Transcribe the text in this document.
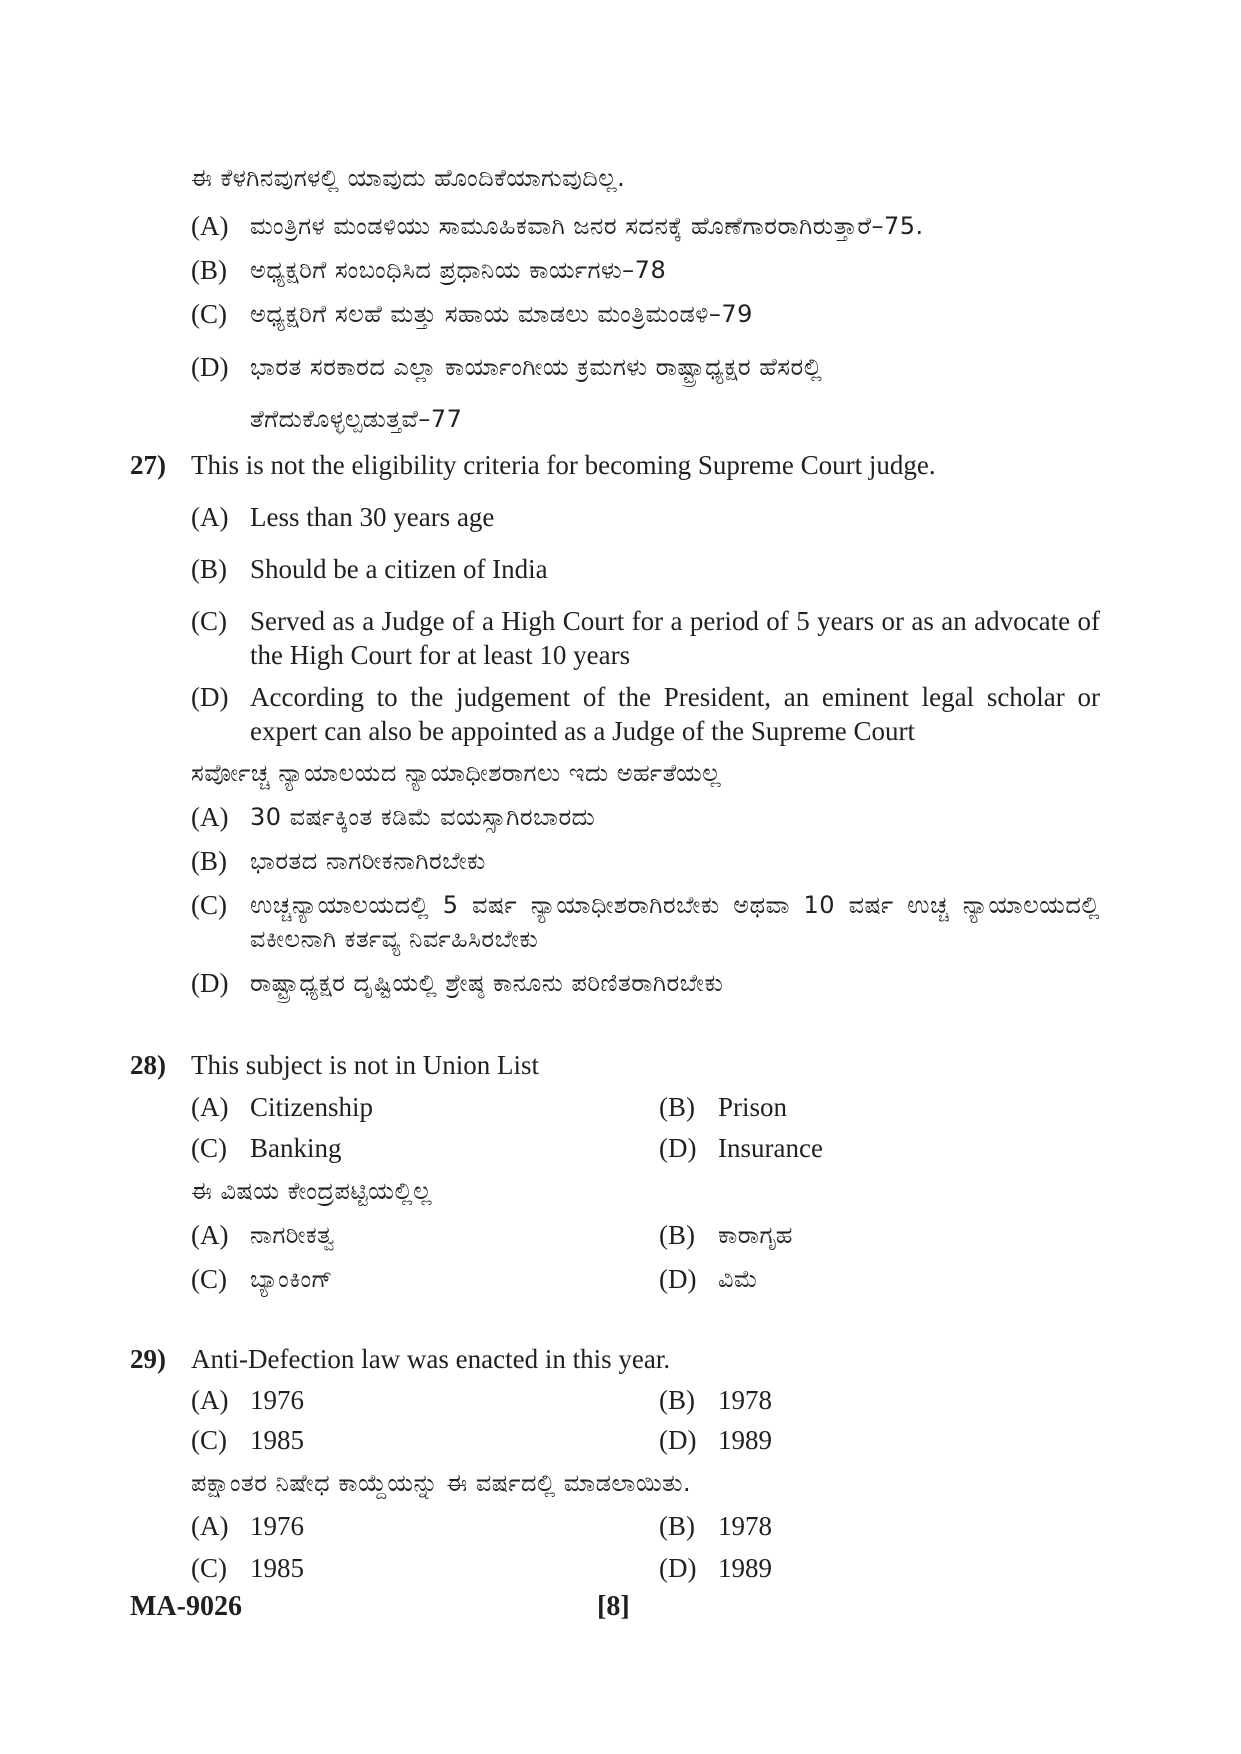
ಈ ಕೆಳಗಿನವುಗಳಲ್ಲಿ ಯಾವುದು ಹೊಂದಿಕೆಯಾಗುವುದಿಲ್ಲ.
(A) ಮಂತ್ರಿಗಳ ಮಂಡಳಿಯು ಸಾಮೂಹಿಕವಾಗಿ ಜನರ ಸದನಕ್ಕೆ ಹೊಣೆಗಾರರಾಗಿರುತ್ತಾರೆ–75.
(B) ಅಧ್ಯಕ್ಷರಿಗೆ ಸಂಬಂಧಿಸಿದ ಪ್ರಧಾನಿಯ ಕಾರ್ಯಗಳು–78
(C) ಅಧ್ಯಕ್ಷರಿಗೆ ಸಲಹೆ ಮತ್ತು ಸಹಾಯ ಮಾಡಲು ಮಂತ್ರಿಮಂಡಳಿ–79
(D) ಭಾರತ ಸರಕಾರದ ಎಲ್ಲಾ ಕಾರ್ಯಾಂಗೀಯ ಕ್ರಮಗಳು ರಾಷ್ಟ್ರಾಧ್ಯಕ್ಷರ ಹೆಸರಲ್ಲಿ
ತೆಗೆದುಕೊಳ್ಳಲ್ಪಡುತ್ತವೆ–77
27) This is not the eligibility criteria for becoming Supreme Court judge.
(A) Less than 30 years age
(B) Should be a citizen of India
(C) Served as a Judge of a High Court for a period of 5 years or as an advocate of the High Court for at least 10 years
(D) According to the judgement of the President, an eminent legal scholar or expert can also be appointed as a Judge of the Supreme Court
ಸರ್ವೋಚ್ಚ ನ್ಯಾಯಾಲಯದ ನ್ಯಾಯಾಧೀಶರಾಗಲು ಇದು ಅರ್ಹತೆಯಲ್ಲ
(A) 30 ವರ್ಷಕ್ಕಿಂತ ಕಡಿಮೆ ವಯಸ್ಸಾಗಿರಬಾರದು
(B) ಭಾರತದ ನಾಗರೀಕನಾಗಿರಬೇಕು
(C) ಉಚ್ಚನ್ಯಾಯಾಲಯದಲ್ಲಿ 5 ವರ್ಷ ನ್ಯಾಯಾಧೀಶರಾಗಿರಬೇಕು ಅಥವಾ 10 ವರ್ಷ ಉಚ್ಚ ನ್ಯಾಯಾಲಯದಲ್ಲಿ ವಕೀಲನಾಗಿ ಕರ್ತವ್ಯ ನಿರ್ವಹಿಸಿರಬೇಕು
(D) ರಾಷ್ಟ್ರಾಧ್ಯಕ್ಷರ ದೃಷ್ಟಿಯಲ್ಲಿ ಶ್ರೇಷ್ಠ ಕಾನೂನು ಪರಿಣಿತರಾಗಿರಬೇಕು
28) This subject is not in Union List
(A) Citizenship	(B) Prison
(C) Banking	(D) Insurance
ಈ ವಿಷಯ ಕೇಂದ್ರಪಟ್ಟಿಯಲ್ಲಿಲ್ಲ
(A) ನಾಗರೀಕತ್ವ	(B) ಕಾರಾಗೃಹ
(C) ಬ್ಯಾಂಕಿಂಗ್	(D) ವಿಮೆ
29) Anti-Defection law was enacted in this year.
(A) 1976	(B) 1978
(C) 1985	(D) 1989
ಪಕ್ಷಾಂತರ ನಿಷೇಧ ಕಾಯ್ದೆಯನ್ನು ಈ ವರ್ಷದಲ್ಲಿ ಮಾಡಲಾಯಿತು.
(A) 1976	(B) 1978
(C) 1985	(D) 1989
MA-9026	[8]
